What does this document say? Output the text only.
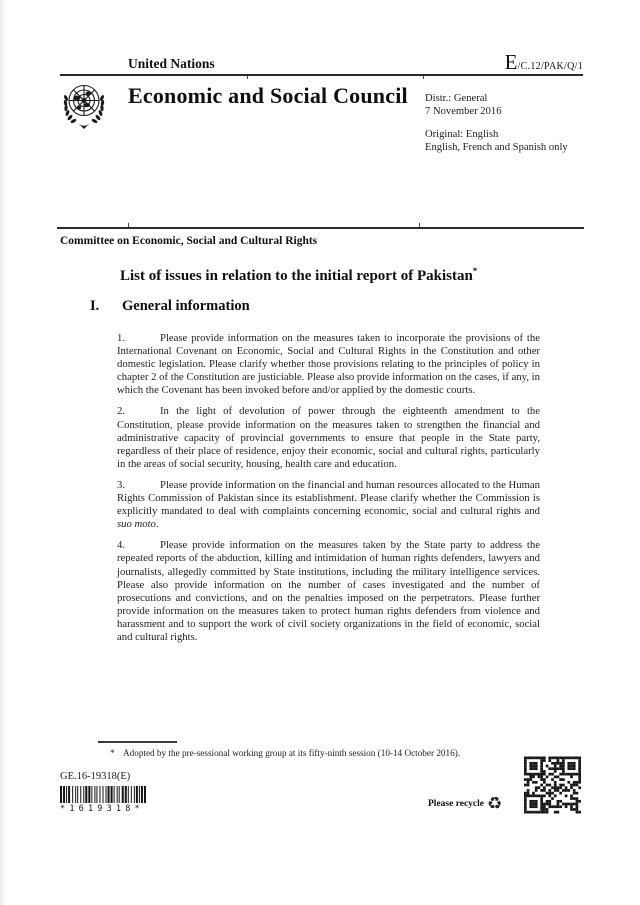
United Nations	E/C.12/PAK/Q/1
Economic and Social Council Distr.: General
7 November 2016
Original: English
English, French and Spanish only
Committee on Economic, Social and Cultural Rights
List of issues in relation to the initial report of Pakistan*
I. General information

1.	Please provide information on the measures taken to incorporate the provisions of the International Covenant on Economic, Social and Cultural Rights in the Constitution and other domestic legislation. Please clarify whether those provisions relating to the principles of policy in chapter 2 of the Constitution are justiciable. Please also provide information on the cases, if any, in which the Covenant has been invoked before and/or applied by the domestic courts.

2.	In the light of devolution of power through the eighteenth amendment to the Constitution, please provide information on the measures taken to strengthen the financial and administrative capacity of provincial governments to ensure that people in the State party, regardless of their place of residence, enjoy their economic, social and cultural rights, particularly in the areas of social security, housing, health care and education.

3.	Please provide information on the financial and human resources allocated to the Human Rights Commission of Pakistan since its establishment. Please clarify whether the Commission is explicitly mandated to deal with complaints concerning economic, social and cultural rights and suo moto.

4.	Please provide information on the measures taken by the State party to address the repeated reports of the abduction, killing and intimidation of human rights defenders, lawyers and journalists, allegedly committed by State institutions, including the military intelligence services. Please also provide information on the number of cases investigated and the number of prosecutions and convictions, and on the penalties imposed on the perpetrators. Please further provide information on the measures taken to protect human rights defenders from violence and harassment and to support the work of civil society organizations in the field of economic, social and cultural rights.

* Adopted by the pre-sessional working group at its fifty-ninth session (10-14 October 2016).
GE.16-19318(E)
*1619318*	Please recycle ♻
